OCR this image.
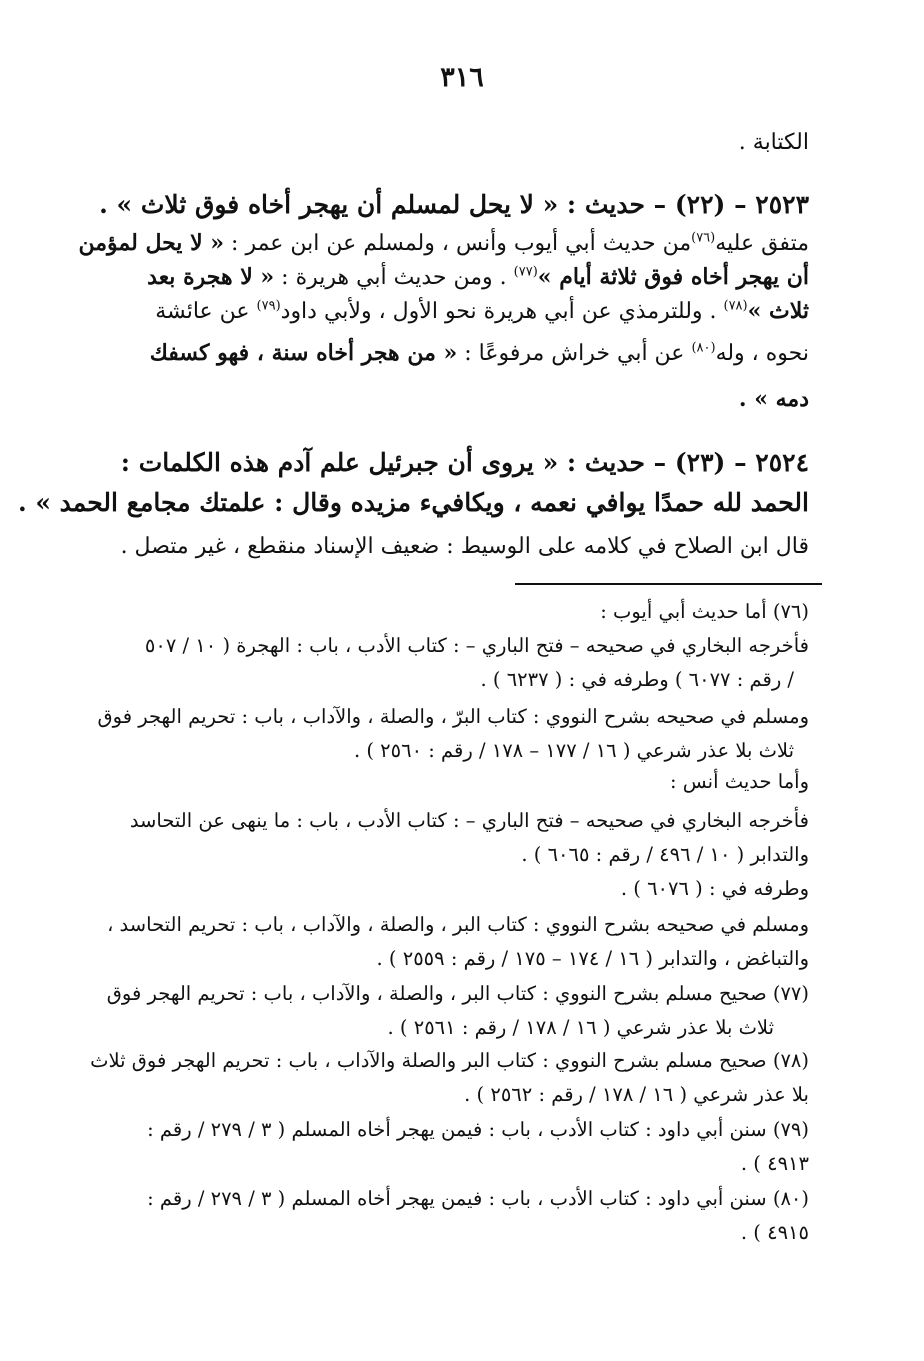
٣١٦
الكتابة .
٢٥٢٣ – (٢٢) – حديث : « لا يحل لمسلم أن يهجر أخاه فوق ثلاث » .
متفق عليه$^{(٧٦)}$من حديث أبي أيوب وأنس ، ولمسلم عن ابن عمر : « لا يحل لمؤمن
أن يهجر أخاه فوق ثلاثة أيام »$^{(٧٧)}$ . ومن حديث أبي هريرة : « لا هجرة بعد
ثلاث »$^{(٧٨)}$ . وللترمذي عن أبي هريرة نحو الأول ، ولأبي داود$^{(٧٩)}$ عن عائشة
نحوه ، وله$^{(٨٠)}$ عن أبي خراش مرفوعًا : « من هجر أخاه سنة ، فهو كسفك
دمه » .
٢٥٢٤ – (٢٣) – حديث : « يروى أن جبرئيل علم آدم هذه الكلمات :
الحمد لله حمدًا يوافي نعمه ، ويكافيء مزيده وقال : علمتك مجامع الحمد » .
قال ابن الصلاح في كلامه على الوسيط : ضعيف الإسناد منقطع ، غير متصل .
(٧٦) أما حديث أبي أيوب :
فأخرجه البخاري في صحيحه – فتح الباري – : كتاب الأدب ، باب : الهجرة ( ١٠ / ٥٠٧
/ رقم : ٦٠٧٧ ) وطرفه في : ( ٦٢٣٧ ) .
ومسلم في صحيحه بشرح النووي : كتاب البرّ ، والصلة ، والآداب ، باب : تحريم الهجر فوق
ثلاث بلا عذر شرعي ( ١٦ / ١٧٧ – ١٧٨ / رقم : ٢٥٦٠ ) .
وأما حديث أنس :
فأخرجه البخاري في صحيحه – فتح الباري – : كتاب الأدب ، باب : ما ينهى عن التحاسد
والتدابر ( ١٠ / ٤٩٦ / رقم : ٦٠٦٥ ) .
وطرفه في : ( ٦٠٧٦ ) .
ومسلم في صحيحه بشرح النووي : كتاب البر ، والصلة ، والآداب ، باب : تحريم التحاسد ،
والتباغض ، والتدابر ( ١٦ / ١٧٤ – ١٧٥ / رقم : ٢٥٥٩ ) .
(٧٧) صحيح مسلم بشرح النووي : كتاب البر ، والصلة ، والآداب ، باب : تحريم الهجر فوق
ثلاث بلا عذر شرعي ( ١٦ / ١٧٨ / رقم : ٢٥٦١ ) .
(٧٨) صحيح مسلم بشرح النووي : كتاب البر والصلة والآداب ، باب : تحريم الهجر فوق ثلاث
بلا عذر شرعي ( ١٦ / ١٧٨ / رقم : ٢٥٦٢ ) .
(٧٩) سنن أبي داود : كتاب الأدب ، باب : فيمن يهجر أخاه المسلم ( ٣ / ٢٧٩ / رقم :
٤٩١٣ ) .
(٨٠) سنن أبي داود : كتاب الأدب ، باب : فيمن يهجر أخاه المسلم ( ٣ / ٢٧٩ / رقم :
٤٩١٥ ) .
